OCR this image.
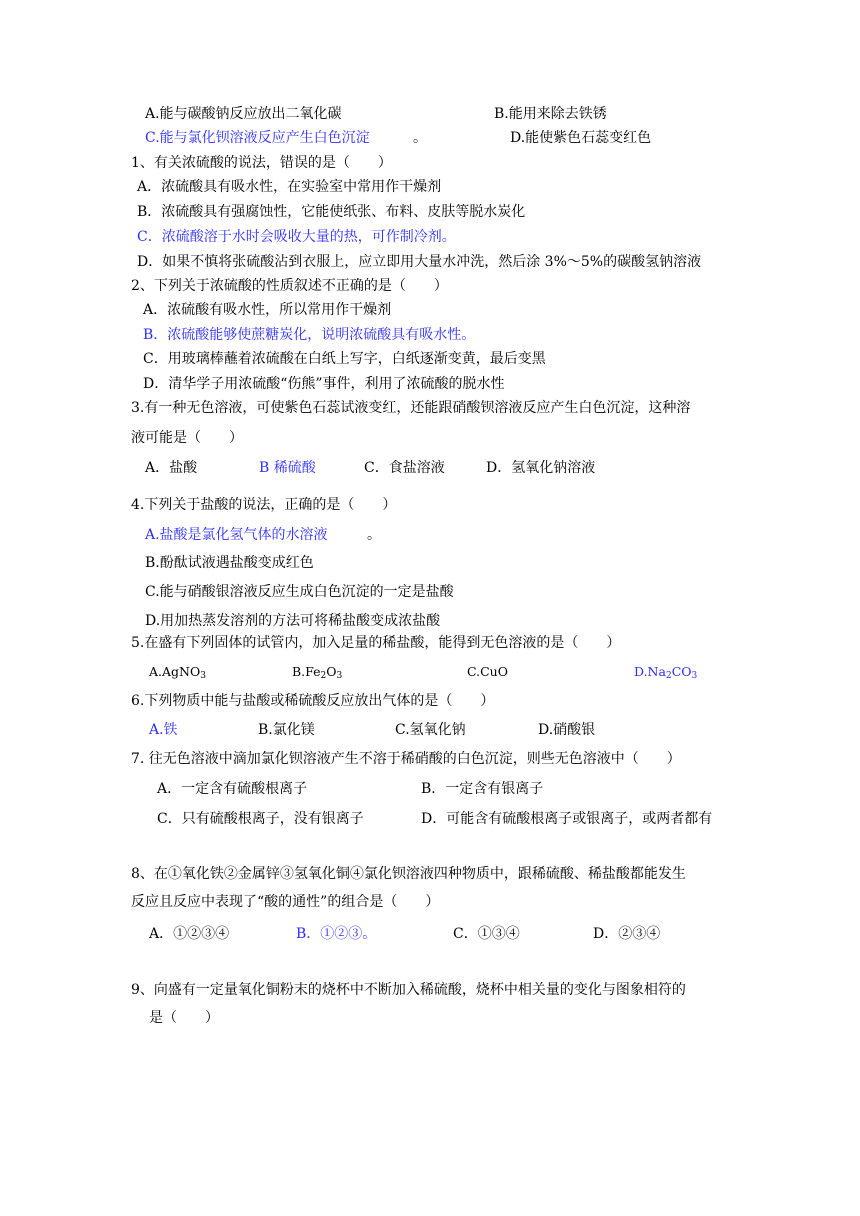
A.能与碳酸钠反应放出二氧化碳	B.能用来除去铁锈
C.能与氯化钡溶液反应产生白色沉淀	。	D.能使紫色石蕊变红色
1、有关浓硫酸的说法，错误的是（　　）
A．浓硫酸具有吸水性，在实验室中常用作干燥剂
B．浓硫酸具有强腐蚀性，它能使纸张、布料、皮肤等脱水炭化
C．浓硫酸溶于水时会吸收大量的热，可作制冷剂。
D．如果不慎将张硫酸沾到衣服上，应立即用大量水冲洗，然后涂 3%～5%的碳酸氢钠溶液
2、下列关于浓硫酸的性质叙述不正确的是（　　）
A．浓硫酸有吸水性，所以常用作干燥剂
B．浓硫酸能够使蔗糖炭化，说明浓硫酸具有吸水性。
C．用玻璃棒蘸着浓硫酸在白纸上写字，白纸逐渐变黄，最后变黑
D．清华学子用浓硫酸“伤熊”事件，利用了浓硫酸的脱水性
3.有一种无色溶液，可使紫色石蕊试液变红，还能跟硝酸钡溶液反应产生白色沉淀，这种溶
液可能是（　　）
A．盐酸	B 稀硫酸	C．食盐溶液	D．氢氧化钠溶液
4.下列关于盐酸的说法，正确的是（　　）
A.盐酸是氯化氢气体的水溶液	。
B.酚酞试液遇盐酸变成红色
C.能与硝酸银溶液反应生成白色沉淀的一定是盐酸
D.用加热蒸发溶剂的方法可将稀盐酸变成浓盐酸
5.在盛有下列固体的试管内，加入足量的稀盐酸，能得到无色溶液的是（　　）
A.AgNO$_3$	$B.Fe_2O_3$	C.CuO	$D.Na_2CO_3$
6.下列物质中能与盐酸或稀硫酸反应放出气体的是（　　）
A.铁	B.氯化镁	C.氢氧化钠	D.硝酸银
7. 往无色溶液中滴加氯化钡溶液产生不溶于稀硝酸的白色沉淀，则些无色溶液中（　　）
A．一定含有硫酸根离子	B．一定含有银离子
C．只有硫酸根离子，没有银离子	D．可能含有硫酸根离子或银离子，或两者都有
8、在①氧化铁②金属锌③氢氧化铜④氯化钡溶液四种物质中，跟稀硫酸、稀盐酸都能发生
反应且反应中表现了“酸的通性”的组合是（　　）
A．①②③④	B．①②③。	C．①③④	D．②③④
9、向盛有一定量氧化铜粉末的烧杯中不断加入稀硫酸，烧杯中相关量的变化与图象相符的
是（　　）
